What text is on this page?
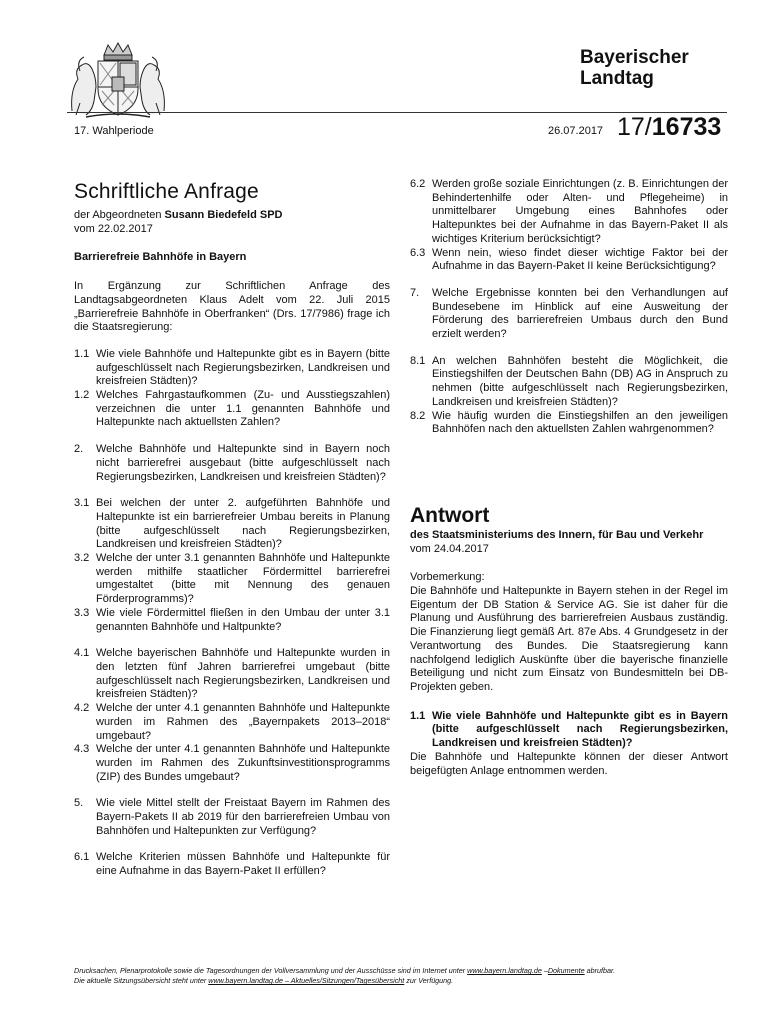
Bayerischer
Landtag
17. Wahlperiode	26.07.2017 17/16733
Schriftliche Anfrage
der Abgeordneten Susann Biedefeld SPD
vom 22.02.2017
Barrierefreie Bahnhöfe in Bayern

In Ergänzung zur Schriftlichen Anfrage des Landtagsabgeordneten Klaus Adelt vom 22. Juli 2015 „Barrierefreie Bahnhöfe in Oberfranken“ (Drs. 17/7986) frage ich die Staatsregierung:

1.1 Wie viele Bahnhöfe und Haltepunkte gibt es in Bayern (bitte aufgeschlüsselt nach Regierungsbezirken, Landkreisen und kreisfreien Städten)?
1.2 Welches Fahrgastaufkommen (Zu- und Ausstiegszahlen) verzeichnen die unter 1.1 genannten Bahnhöfe und Haltepunkte nach aktuellsten Zahlen?
2.	Welche Bahnhöfe und Haltepunkte sind in Bayern noch nicht barrierefrei ausgebaut (bitte aufgeschlüsselt nach Regierungsbezirken, Landkreisen und kreisfreien Städten)?
3.1 Bei welchen der unter 2. aufgeführten Bahnhöfe und Haltepunkte ist ein barrierefreier Umbau bereits in Planung (bitte aufgeschlüsselt nach Regierungsbezirken, Landkreisen und kreisfreien Städten)?
3.2 Welche der unter 3.1 genannten Bahnhöfe und Haltepunkte werden mithilfe staatlicher Fördermittel barrierefrei umgestaltet (bitte mit Nennung des genauen Förderprogramms)?
3.3 Wie viele Fördermittel fließen in den Umbau der unter 3.1 genannten Bahnhöfe und Haltpunkte?
4.1 Welche bayerischen Bahnhöfe und Haltepunkte wurden in den letzten fünf Jahren barrierefrei umgebaut (bitte aufgeschlüsselt nach Regierungsbezirken, Landkreisen und kreisfreien Städten)?
4.2 Welche der unter 4.1 genannten Bahnhöfe und Haltepunkte wurden im Rahmen des „Bayernpakets 2013–2018“ umgebaut?
4.3 Welche der unter 4.1 genannten Bahnhöfe und Haltepunkte wurden im Rahmen des Zukunftsinvestitionsprogramms (ZIP) des Bundes umgebaut?
5.	Wie viele Mittel stellt der Freistaat Bayern im Rahmen des Bayern-Pakets II ab 2019 für den barrierefreien Umbau von Bahnhöfen und Haltepunkten zur Verfügung?
6.1 Welche Kriterien müssen Bahnhöfe und Haltepunkte für eine Aufnahme in das Bayern-Paket II erfüllen?
6.2 Werden große soziale Einrichtungen (z. B. Einrichtungen der Behindertenhilfe oder Alten- und Pflegeheime) in unmittelbarer Umgebung eines Bahnhofes oder Haltepunktes bei der Aufnahme in das Bayern-Paket II als wichtiges Kriterium berücksichtigt?
6.3 Wenn nein, wieso findet dieser wichtige Faktor bei der Aufnahme in das Bayern-Paket II keine Berücksichtigung?
7.	Welche Ergebnisse konnten bei den Verhandlungen auf Bundesebene im Hinblick auf eine Ausweitung der Förderung des barrierefreien Umbaus durch den Bund erzielt werden?
8.1 An welchen Bahnhöfen besteht die Möglichkeit, die Einstiegshilfen der Deutschen Bahn (DB) AG in Anspruch zu nehmen (bitte aufgeschlüsselt nach Regierungsbezirken, Landkreisen und kreisfreien Städten)?
8.2 Wie häufig wurden die Einstiegshilfen an den jeweiligen Bahnhöfen nach den aktuellsten Zahlen wahrgenommen?
Antwort
des Staatsministeriums des Innern, für Bau und Verkehr
vom 24.04.2017
Vorbemerkung:

Die Bahnhöfe und Haltepunkte in Bayern stehen in der Regel im Eigentum der DB Station & Service AG. Sie ist daher für die Planung und Ausführung des barrierefreien Ausbaus zuständig. Die Finanzierung liegt gemäß Art. 87e Abs. 4 Grundgesetz in der Verantwortung des Bundes. Die Staatsregierung kann nachfolgend lediglich Auskünfte über die bayerische finanzielle Beteiligung und nicht zum Einsatz von Bundesmitteln bei DB-Projekten geben.

1.1 Wie viele Bahnhöfe und Haltepunkte gibt es in Bayern (bitte aufgeschlüsselt nach Regierungsbezirken, Landkreisen und kreisfreien Städten)?

Die Bahnhöfe und Haltepunkte können der dieser Antwort beigefügten Anlage entnommen werden.

Drucksachen, Plenarprotokolle sowie die Tagesordnungen der Vollversammlung und der Ausschüsse sind im Internet unter www.bayern.landtag.de –Dokumente abrufbar.
Die aktuelle Sitzungsübersicht steht unter www.bayern.landtag.de – Aktuelles/Sitzungen/Tagesübersicht zur Verfügung.
